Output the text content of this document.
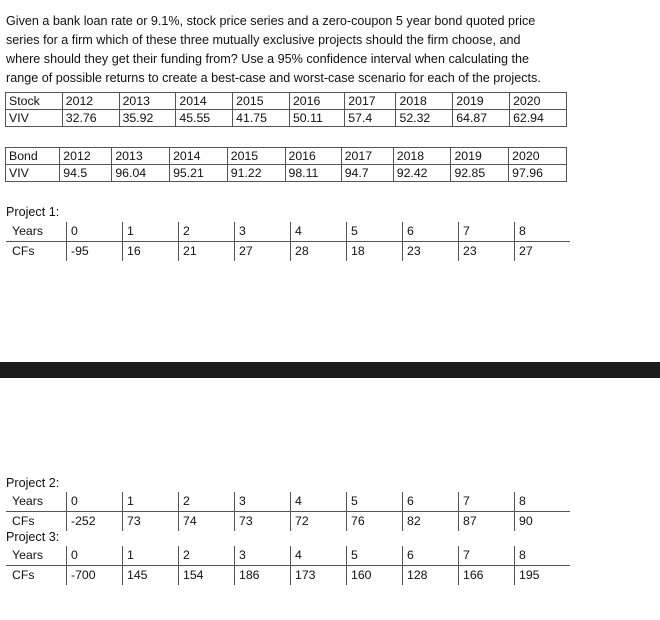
Given a bank loan rate or 9.1%, stock price series and a zero-coupon 5 year bond quoted price
series for a firm which of these three mutually exclusive projects should the firm choose, and
where should they get their funding from? Use a 95% confidence interval when calculating the
range of possible returns to create a best-case and worst-case scenario for each of the projects.

Stock	2012	2013	2014	2015	2016	2017	2018	2019	2020
VIV	32.76	35.92	45.55	41.75	50.11	57.4	52.32	64.87	62.94
Bond	2012	2013	2014	2015	2016	2017	2018	2019	2020
VIV	94.5	96.04	95.21	91.22	98.11	94.7	92.42	92.85	97.96
Project 1:
Years	0	1	2	3	4	5	6	7	8
CFs	-95	16	21	27	28	18	23	23	27
Project 2:
Years	0	1	2	3	4	5	6	7	8
CFs	-252	73	74	73	72	76	82	87	90
Project 3:
Years	0	1	2	3	4	5	6	7	8
CFs	-700	145	154	186	173	160	128	166	195
